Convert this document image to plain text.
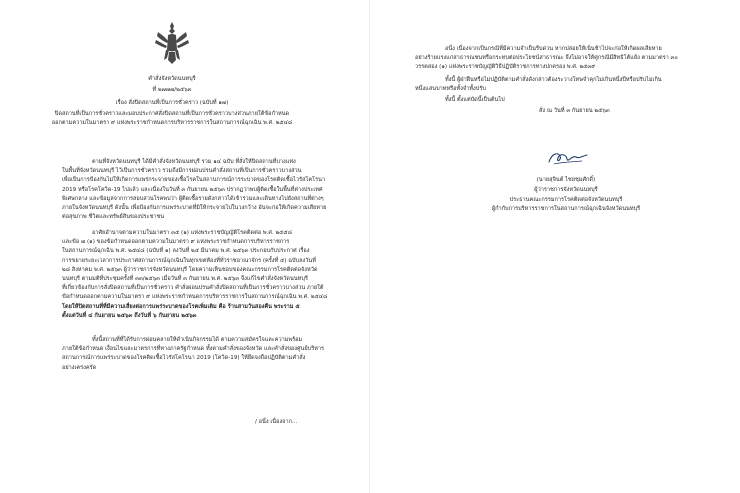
คำสั่งจังหวัดนนทบุรี
ที่ ๒๗๗๗/๒๕๖๓
เรื่อง สั่งปิดสถานที่เป็นการชั่วคราว (ฉบับที่ ๑๗)
ปิดสถานที่เป็นการชั่วคราวและมอบประกาศสั่งปิดสถานที่เป็นการชั่วคราวบางส่วนภายใต้ข้อกำหนด
ออกตามความในมาตรา ๙ แห่งพระราชกำหนดการบริหารราชการในสถานการณ์ฉุกเฉิน พ.ศ. ๒๕๔๘

ตามที่จังหวัดนนทบุรี ได้มีคำสั่งจังหวัดนนทบุรี รวม ๑๔ ฉบับ ที่สั่งให้ปิดสถานที่บางแห่ง

ในพื้นที่จังหวัดนนทบุรี ไว้เป็นการชั่วคราว รวมถึงมีการผ่อนปรนคำสั่งสถานที่เป็นการชั่วคราวบางส่วน

เพื่อเป็นการป้องกันไม่ให้เกิดการแพร่กระจายของเชื้อโรคในสถานการณ์การระบาดของโรคติดเชื้อไวรัสโคโรนา

2019 หรือโรคโควิด-19 ไปแล้ว และเนื่องในวันที่ ๓ กันยายน ๒๕๖๓ ปรากฏว่าพบผู้ติดเชื้อในพื้นที่ต่างประเทศ

พิเศษกลาง และข้อมูลจากการสอบสวนโรคพบว่า ผู้ติดเชื้อรายดังกล่าวได้เข้าร่วมและเดินทางไปยังสถานที่ต่างๆ

ภายในจังหวัดนนทบุรี ดังนั้น เพื่อป้องกันการแพร่ระบาดที่มิให้กระจายไปในวงกว้าง อันจะก่อให้เกิดความเสียหาย

ต่อสุขภาพ ชีวิตและทรัพย์สินของประชาชน

อาศัยอำนาจตามความในมาตรา ๓๕ (๑) แห่งพระราชบัญญัติโรคติดต่อ พ.ศ. ๒๕๕๘

และข้อ ๗ (๑) ของข้อกำหนดออกตามความในมาตรา ๙ แห่งพระราชกำหนดการบริหารราชการ

ในสถานการณ์ฉุกเฉิน พ.ศ. ๒๕๔๘ (ฉบับที่ ๑) ลงวันที่ ๒๕ มีนาคม พ.ศ. ๒๕๖๓ ประกอบกับประกาศ เรื่อง

การขยายระยะเวลาการประกาศสถานการณ์ฉุกเฉินในทุกเขตท้องที่ทั่วราชอาณาจักร (ครั้งที่ ๕) ฉบับลงวันที่

๒๘ สิงหาคม พ.ศ. ๒๕๖๓ ผู้ว่าราชการจังหวัดนนทบุรี โดยความเห็นชอบของคณะกรรมการโรคติดต่อจังหวัด

นนทบุรี ตามมติที่ประชุมครั้งที่ ๓๓/๒๕๖๓ เมื่อวันที่ ๓ กันยายน พ.ศ. ๒๕๖๓ จึงแก้ไขคำสั่งจังหวัดนนทบุรี

ที่เกี่ยวข้องกับการสั่งปิดสถานที่เป็นการชั่วคราว คำสั่งผ่อนปรนคำสั่งปิดสถานที่เป็นการชั่วคราวบางส่วน ภายใต้

ข้อกำหนดออกตามความในมาตรา ๙ แห่งพระราชกำหนดการบริหารราชการในสถานการณ์ฉุกเฉิน พ.ศ. ๒๕๔๘

โดยให้ปิดสถานที่ที่มีความเสี่ยงต่อการแพร่ระบาดของโรคเพิ่มเติม คือ ร้านสามวันสองคืน พระราม ๕

ตั้งแต่วันที่ ๔ กันยายน ๒๕๖๓ ถึงวันที่ ๖ กันยายน ๒๕๖๓

ทั้งนี้สถานที่ที่ได้รับการผ่อนคลายให้ดำเนินกิจกรรมได้ ตามความสมัครใจและความพร้อม

ภายใต้ข้อกำหนด เงื่อนไขและมาตรการที่ทางภาครัฐกำหนด ทั้งตามคำสั่งของจังหวัด และคำสั่งของศูนย์บริหาร

สถานการณ์การแพร่ระบาดของโรคติดเชื้อไวรัสโคโรนา 2019 (โควิด-19) ให้ยึดจงถือปฏิบัติตามคำสั่ง

อย่างเคร่งครัด

/ อนึ่ง เนื่องจาก...

อนึ่ง เนื่องจากเป็นกรณีที่มีความจำเป็นรีบด่วน หากปล่อยให้เนิ่นช้าไปจะก่อให้เกิดผลเสียหาย

อย่างร้ายแรงแก่สาธารณชนหรือกระทบต่อประโยชน์สาธารณะ จึงไม่อาจให้คู่กรณีมีสิทธิโต้แย้ง ตามมาตรา ๓๐

วรรคสอง (๑) แห่งพระราชบัญญัติวิธีปฏิบัติราชการทางปกครอง พ.ศ. ๒๕๓๙

ทั้งนี้ ผู้ฝ่าฝืนหรือไม่ปฏิบัติตามคำสั่งดังกล่าวต้องระวางโทษจำคุกไม่เกินหนึ่งปีหรือปรับไม่เกิน

หนึ่งแสนบาทหรือทั้งจำทั้งปรับ

ทั้งนี้ ตั้งแต่บัดนี้เป็นต้นไป
สั่ง ณ วันที่ ๓ กันยายน ๒๕๖๓
(นายสุจินต์ ไชยชุมศักดิ์)
ผู้ว่าราชการจังหวัดนนทบุรี
ประธานคณะกรรมการโรคติดต่อจังหวัดนนทบุรี
ผู้กำกับการบริหารราชการในสถานการณ์ฉุกเฉินจังหวัดนนทบุรี
